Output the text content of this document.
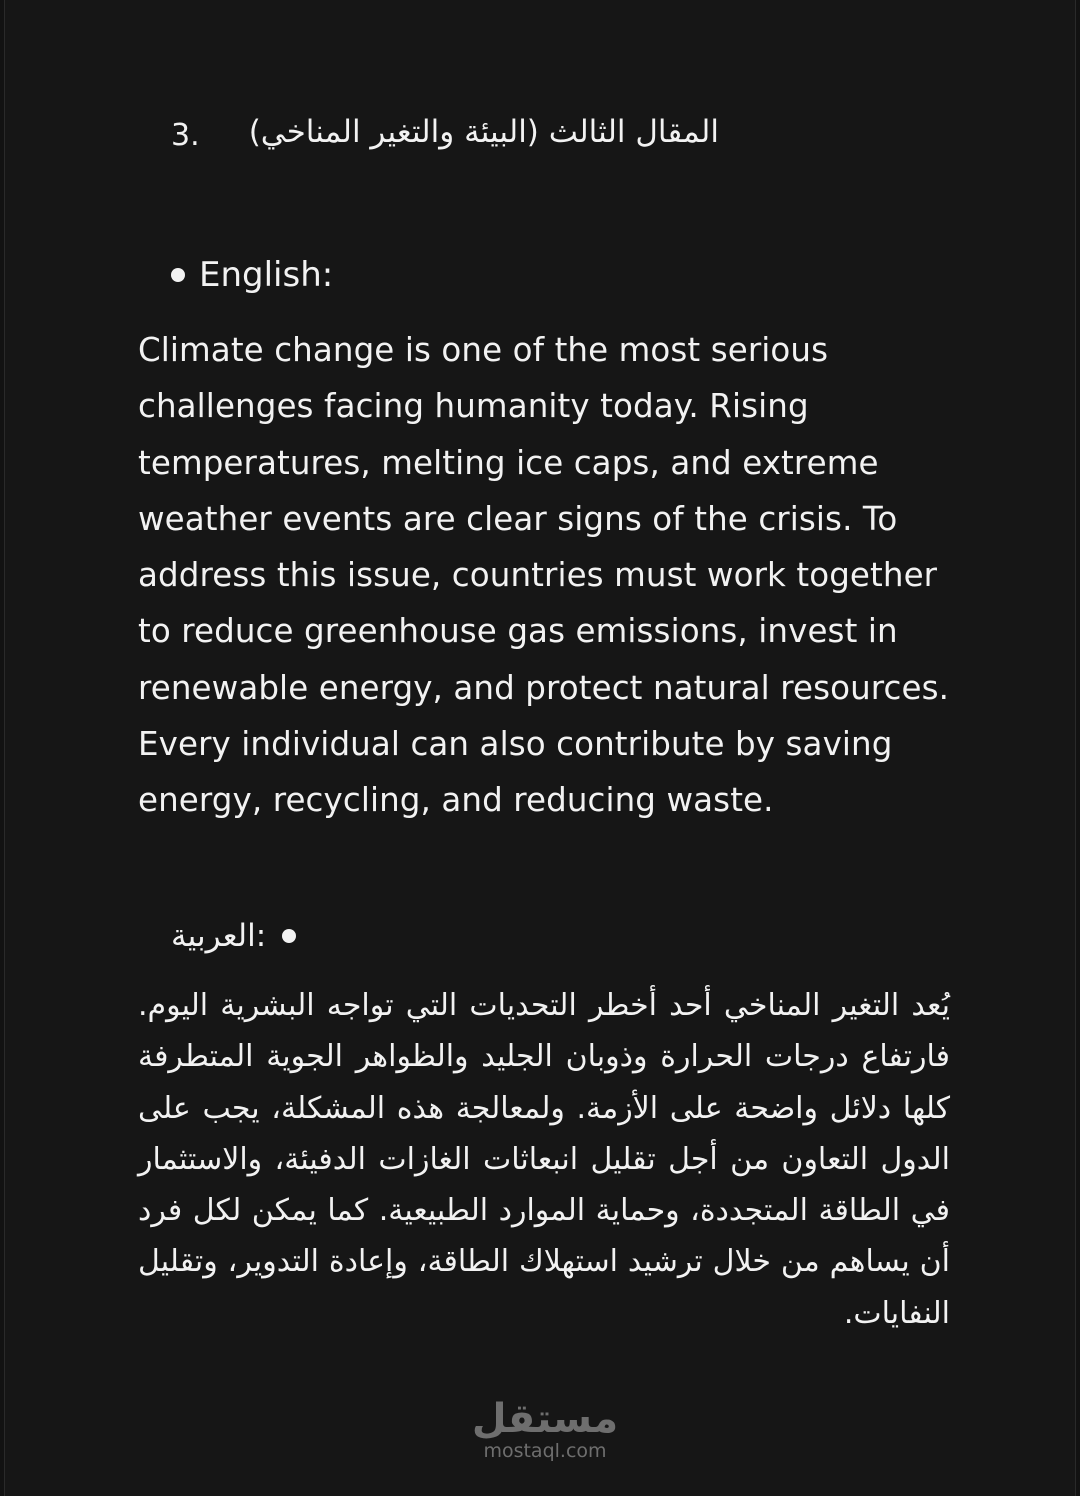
3. المقال الثالث (البيئة والتغير المناخي)
English:

Climate change is one of the most serious challenges facing humanity today. Rising temperatures, melting ice caps, and extreme weather events are clear signs of the crisis. To address this issue, countries must work together to reduce greenhouse gas emissions, invest in renewable energy, and protect natural resources. Every individual can also contribute by saving energy, recycling, and reducing waste.

العربية:

يُعد التغير المناخي أحد أخطر التحديات التي تواجه البشرية اليوم. فارتفاع درجات الحرارة وذوبان الجليد والظواهر الجوية المتطرفة كلها دلائل واضحة على الأزمة. ولمعالجة هذه المشكلة، يجب على الدول التعاون من أجل تقليل انبعاثات الغازات الدفيئة، والاستثمار في الطاقة المتجددة، وحماية الموارد الطبيعية. كما يمكن لكل فرد أن يساهم من خلال ترشيد استهلاك الطاقة، وإعادة التدوير، وتقليل النفايات.

مستقل
mostaql.com
